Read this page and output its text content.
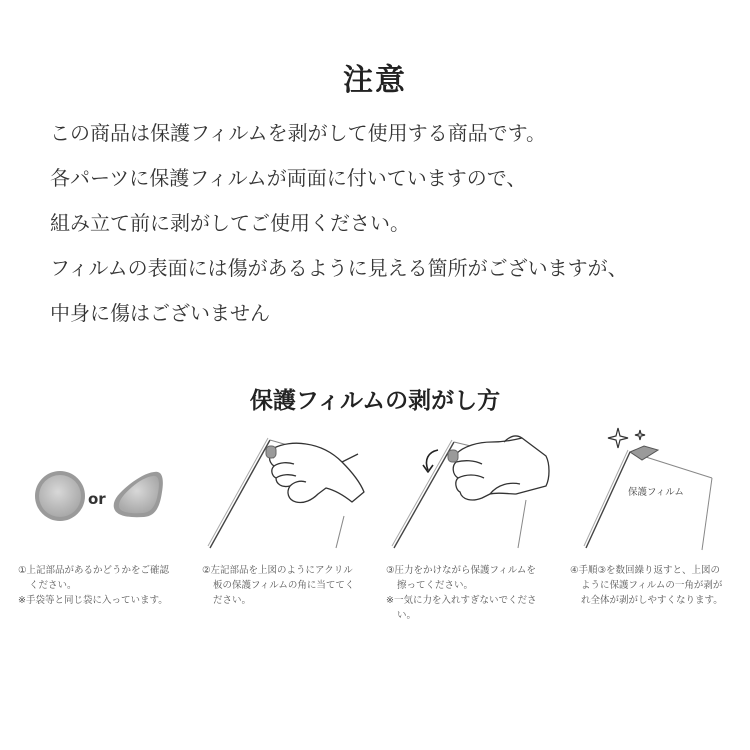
注意
この商品は保護フィルムを剥がして使用する商品です。
各パーツに保護フィルムが両面に付いていますので、
組み立て前に剥がしてご使用ください。
フィルムの表面には傷があるように見える箇所がございますが、
中身に傷はございません
保護フィルムの剥がし方
or
①上記部品があるかどうかをご確認
ください。
※手袋等と同じ袋に入っています。
②左記部品を上図のようにアクリル
板の保護フィルムの角に当ててく
ださい。
③圧力をかけながら保護フィルムを
擦ってください。
※一気に力を入れすぎないでくださ
い。
保護フィルム
④手順③を数回繰り返すと、上図の
ように保護フィルムの一角が剥が
れ全体が剥がしやすくなります。
